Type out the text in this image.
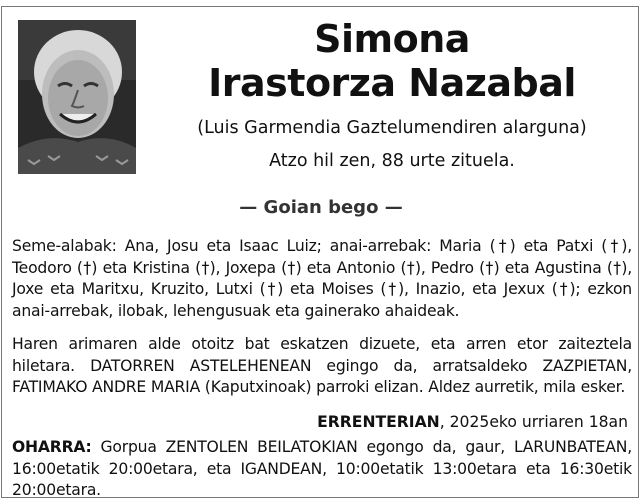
Simona
Irastorza Nazabal
(Luis Garmendia Gaztelumendiren alarguna)
Atzo hil zen, 88 urte zituela.
— Goian bego —
Seme-alabak: Ana, Josu eta Isaac Luiz; anai-arrebak: Maria (†) eta Patxi (†), Teodoro (†) eta Kristina (†), Joxepa (†) eta Antonio (†), Pedro (†) eta Agustina (†), Joxe eta Maritxu, Kruzito, Lutxi (†) eta Moises (†), Inazio, eta Jexux (†); ezkon anai-arrebak, ilobak, lehengusuak eta gainerako ahaideak.
Haren arimaren alde otoitz bat eskatzen dizuete, eta arren etor zaiteztela hiletara. DATORREN ASTELEHENEAN egingo da, arratsaldeko ZAZPIETAN, FATIMAKO ANDRE MARIA (Kaputxinoak) parroki elizan. Aldez aurretik, mila esker.
ERRENTERIAN, 2025eko urriaren 18an
OHARRA: Gorpua ZENTOLEN BEILATOKIAN egongo da, gaur, LARUNBATEAN, 16:00etatik 20:00etara, eta IGANDEAN, 10:00etatik 13:00etara eta 16:30etik 20:00etara.
